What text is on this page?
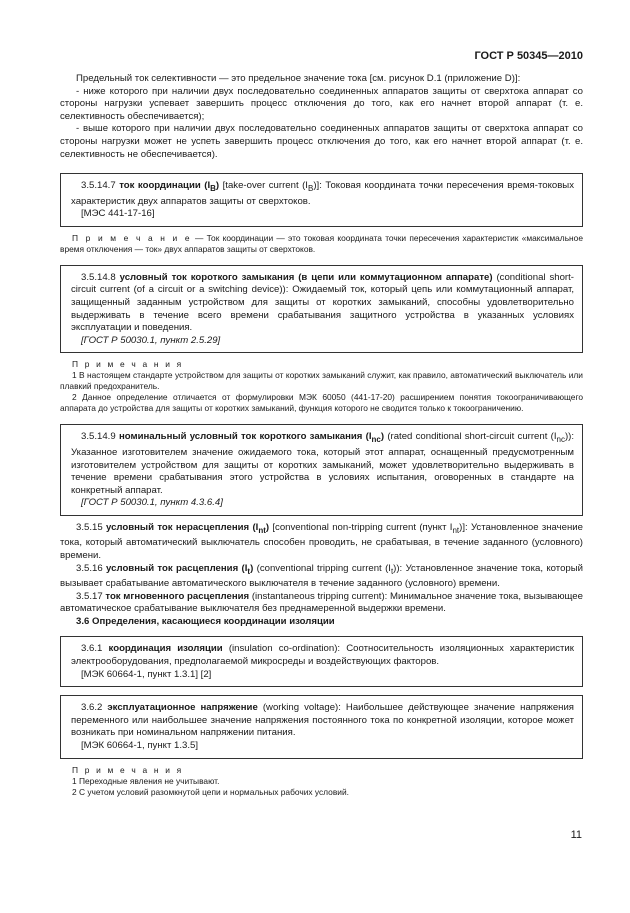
ГОСТ Р 50345—2010

Предельный ток селективности — это предельное значение тока [см. рисунок D.1 (приложение D)]:

- ниже которого при наличии двух последовательно соединенных аппаратов защиты от сверхтока аппарат со стороны нагрузки успевает завершить процесс отключения до того, как его начнет второй аппарат (т. е. селективность обеспечивается);

- выше которого при наличии двух последовательно соединенных аппаратов защиты от сверхтока аппарат со стороны нагрузки может не успеть завершить процесс отключения до того, как его начнет второй аппарат (т. е. селективность не обеспечивается).

3.5.14.7 ток координации $(I_B)$ [take-over current $(I_B)$]: Токовая координата точки пересечения время-токовых характеристик двух аппаратов защиты от сверхтоков.

[МЭС 441-17-16]

П р и м е ч а н и е — Ток координации — это токовая координата точки пересечения характеристик «максимальное время отключения — ток» двух аппаратов защиты от сверхтоков.

3.5.14.8 условный ток короткого замыкания (в цепи или коммутационном аппарате) (conditional short-circuit current (of a circuit or a switching device)): Ожидаемый ток, который цепь или коммутационный аппарат, защищенный заданным устройством для защиты от коротких замыканий, способны удовлетворительно выдерживать в течение всего времени срабатывания защитного устройства в указанных условиях эксплуатации и поведения.

[ГОСТ Р 50030.1, пункт 2.5.29]

П р и м е ч а н и я

1 В настоящем стандарте устройством для защиты от коротких замыканий служит, как правило, автоматический выключатель или плавкий предохранитель.

2 Данное определение отличается от формулировки МЭК 60050 (441-17-20) расширением понятия токоограничивающего аппарата до устройства для защиты от коротких замыканий, функция которого не сводится только к токоограничению.

3.5.14.9 номинальный условный ток короткого замыкания $(I_{nc})$ (rated conditional short-circuit current $(I_{nc})$): Указанное изготовителем значение ожидаемого тока, который этот аппарат, оснащенный предусмотренным изготовителем устройством для защиты от коротких замыканий, может удовлетворительно выдерживать в течение времени срабатывания этого устройства в условиях испытания, оговоренных в стандарте на конкретный аппарат.

[ГОСТ Р 50030.1, пункт 4.3.6.4]

3.5.15 условный ток нерасцепления $(I_{nt})$ [conventional non-tripping current (пункт $I_{nt}$)]: Установленное значение тока, который автоматический выключатель способен проводить, не срабатывая, в течение заданного (условного) времени.

3.5.16 условный ток расцепления $(I_t)$ (conventional tripping current $(I_t)$): Установленное значение тока, который вызывает срабатывание автоматического выключателя в течение заданного (условного) времени.

3.5.17 ток мгновенного расцепления (instantaneous tripping current): Минимальное значение тока, вызывающее автоматическое срабатывание выключателя без преднамеренной выдержки времени.

3.6 Определения, касающиеся координации изоляции

3.6.1 координация изоляции (insulation co-ordination): Соотносительность изоляционных характеристик электрооборудования, предполагаемой микросреды и воздействующих факторов.

[МЭК 60664-1, пункт 1.3.1] [2]

3.6.2 эксплуатационное напряжение (working voltage): Наибольшее действующее значение напряжения переменного или наибольшее значение напряжения постоянного тока по конкретной изоляции, которое может возникать при номинальном напряжении питания.

[МЭК 60664-1, пункт 1.3.5]

П р и м е ч а н и я

1 Переходные явления не учитывают.

2 С учетом условий разомкнутой цепи и нормальных рабочих условий.

11
